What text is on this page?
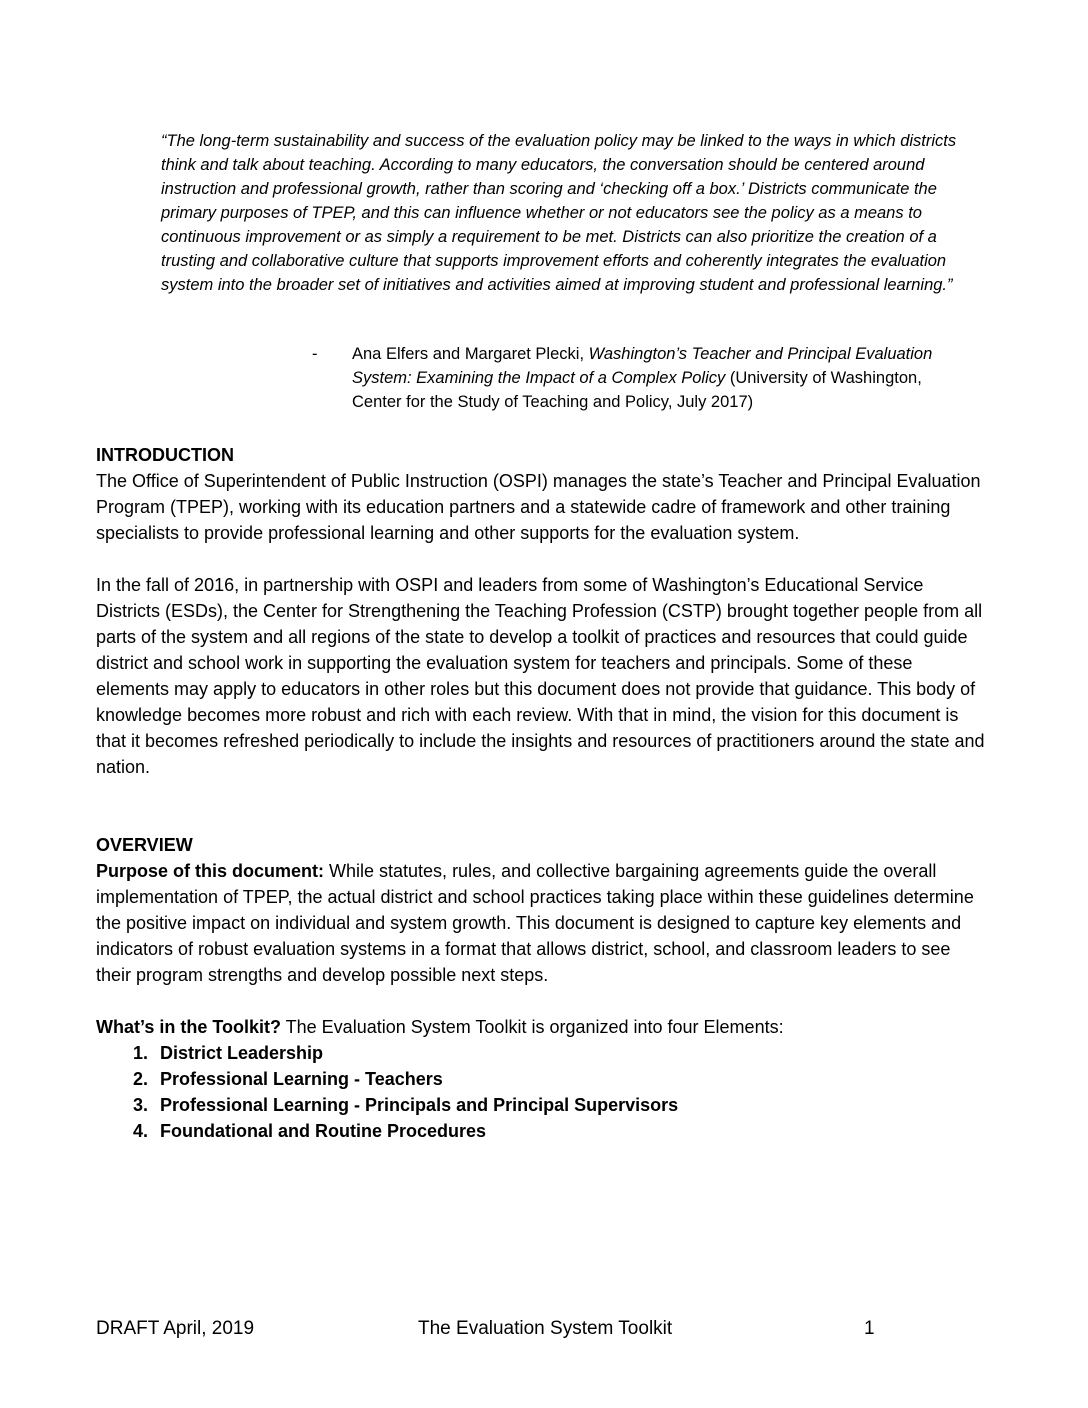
“The long-term sustainability and success of the evaluation policy may be linked to the ways in which districts think and talk about teaching. According to many educators, the conversation should be centered around instruction and professional growth, rather than scoring and ‘checking off a box.’ Districts communicate the primary purposes of TPEP, and this can influence whether or not educators see the policy as a means to continuous improvement or as simply a requirement to be met. Districts can also prioritize the creation of a trusting and collaborative culture that supports improvement efforts and coherently integrates the evaluation system into the broader set of initiatives and activities aimed at improving student and professional learning.”

-	Ana Elfers and Margaret Plecki, Washington’s Teacher and Principal Evaluation System: Examining the Impact of a Complex Policy (University of Washington, Center for the Study of Teaching and Policy, July 2017)

INTRODUCTION

The Office of Superintendent of Public Instruction (OSPI) manages the state’s Teacher and Principal Evaluation Program (TPEP), working with its education partners and a statewide cadre of framework and other training specialists to provide professional learning and other supports for the evaluation system.

In the fall of 2016, in partnership with OSPI and leaders from some of Washington’s Educational Service Districts (ESDs), the Center for Strengthening the Teaching Profession (CSTP) brought together people from all parts of the system and all regions of the state to develop a toolkit of practices and resources that could guide district and school work in supporting the evaluation system for teachers and principals. Some of these elements may apply to educators in other roles but this document does not provide that guidance. This body of knowledge becomes more robust and rich with each review. With that in mind, the vision for this document is that it becomes refreshed periodically to include the insights and resources of practitioners around the state and nation.

OVERVIEW

Purpose of this document: While statutes, rules, and collective bargaining agreements guide the overall implementation of TPEP, the actual district and school practices taking place within these guidelines determine the positive impact on individual and system growth. This document is designed to capture key elements and indicators of robust evaluation systems in a format that allows district, school, and classroom leaders to see their program strengths and develop possible next steps.

What’s in the Toolkit? The Evaluation System Toolkit is organized into four Elements:

1. District Leadership
2. Professional Learning - Teachers
3. Professional Learning - Principals and Principal Supervisors
4. Foundational and Routine Procedures
DRAFT April, 2019	The Evaluation System Toolkit	1
